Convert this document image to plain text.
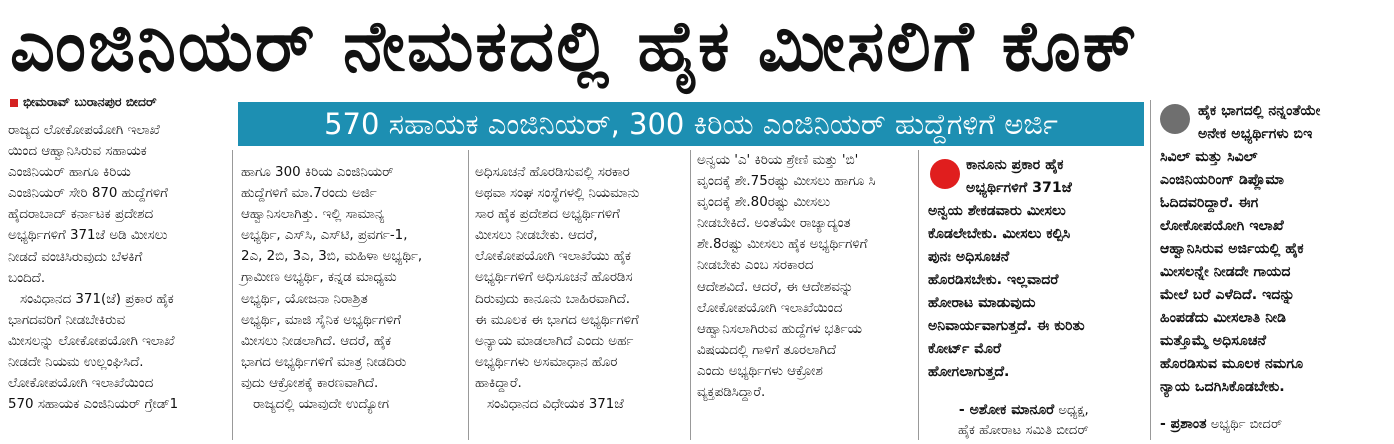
ಎಂಜಿನಿಯರ್ ನೇಮಕದಲ್ಲಿ ಹೈಕ ಮೀಸಲಿಗೆ ಕೊಕ್
ಭೀಮರಾವ್ ಬುರಾನಪುರ ಬೀದರ್
570 ಸಹಾಯಕ ಎಂಜಿನಿಯರ್, 300 ಕಿರಿಯ ಎಂಜಿನಿಯರ್ ಹುದ್ದೆಗಳಿಗೆ ಅರ್ಜಿ

ರಾಜ್ಯದ ಲೋಕೋಪಯೋಗಿ ಇಲಾಖೆ

ಯಿಂದ ಆಹ್ವಾನಿಸಿರುವ ಸಹಾಯಕ

ಎಂಜಿನಿಯರ್ ಹಾಗೂ ಕಿರಿಯ

ಎಂಜಿನಿಯರ್ ಸೇರಿ 870 ಹುದ್ದೆಗಳಿಗೆ

ಹೈದರಾಬಾದ್ ಕರ್ನಾಟಕ ಪ್ರದೇಶದ

ಅಭ್ಯರ್ಥಿಗಳಿಗೆ 371ಜೆ ಅಡಿ ಮೀಸಲು

ನೀಡದೆ ವಂಚಿಸಿರುವುದು ಬೆಳಕಿಗೆ

ಬಂದಿದೆ.

ಸಂವಿಧಾನದ 371(ಜೆ) ಪ್ರಕಾರ ಹೈಕ

ಭಾಗದವರಿಗೆ ನೀಡಬೇಕಿರುವ

ಮೀಸಲನ್ನು ಲೋಕೋಪಯೋಗಿ ಇಲಾಖೆ

ನೀಡದೇ ನಿಯಮ ಉಲ್ಲಂಘಿಸಿದೆ.

ಲೋಕೋಪಯೋಗಿ ಇಲಾಖೆಯಿಂದ

570 ಸಹಾಯಕ ಎಂಜಿನಿಯರ್ ಗ್ರೇಡ್1

ಹಾಗೂ 300 ಕಿರಿಯ ಎಂಜಿನಿಯರ್

ಹುದ್ದೆಗಳಿಗೆ ಮಾ.7ರಂದು ಅರ್ಜಿ

ಆಹ್ವಾನಿಸಲಾಗಿತ್ತು. ಇಲ್ಲಿ ಸಾಮಾನ್ಯ

ಅಭ್ಯರ್ಥಿ, ಎಸ್‌ಸಿ, ಎಸ್‌ಟಿ, ಪ್ರವರ್ಗ-1,

2ಎ, 2ಬಿ, 3ಎ, 3ಬಿ, ಮಹಿಳಾ ಅಭ್ಯರ್ಥಿ,

ಗ್ರಾಮೀಣ ಅಭ್ಯರ್ಥಿ, ಕನ್ನಡ ಮಾಧ್ಯಮ

ಅಭ್ಯರ್ಥಿ, ಯೋಜನಾ ನಿರಾಶ್ರಿತ

ಅಭ್ಯರ್ಥಿ, ಮಾಜಿ ಸೈನಿಕ ಅಭ್ಯರ್ಥಿಗಳಿಗೆ

ಮೀಸಲು ನೀಡಲಾಗಿದೆ. ಆದರೆ, ಹೈಕ

ಭಾಗದ ಅಭ್ಯರ್ಥಿಗಳಿಗೆ ಮಾತ್ರ ನೀಡದಿರು

ವುದು ಆಕ್ರೋಶಕ್ಕೆ ಕಾರಣವಾಗಿದೆ.

ರಾಜ್ಯದಲ್ಲಿ ಯಾವುದೇ ಉದ್ಯೋಗ

ಅಧಿಸೂಚನೆ ಹೊರಡಿಸುವಲ್ಲಿ ಸರಕಾರ

ಅಥವಾ ಸಂಘ ಸಂಸ್ಥೆಗಳಲ್ಲಿ ನಿಯಮಾನು

ಸಾರ ಹೈಕ ಪ್ರದೇಶದ ಅಭ್ಯರ್ಥಿಗಳಿಗೆ

ಮೀಸಲು ನೀಡಬೇಕು. ಆದರೆ,

ಲೋಕೋಪಯೋಗಿ ಇಲಾಖೆಯು ಹೈಕ

ಅಭ್ಯರ್ಥಿಗಳಿಗೆ ಅಧಿಸೂಚನೆ ಹೊರಡಿಸ

ದಿರುವುದು ಕಾನೂನು ಬಾಹಿರವಾಗಿದೆ.

ಈ ಮೂಲಕ ಈ ಭಾಗದ ಅಭ್ಯರ್ಥಿಗಳಿಗೆ

ಅನ್ಯಾಯ ಮಾಡಲಾಗಿದೆ ಎಂದು ಅರ್ಹ

ಅಭ್ಯರ್ಥಿಗಳು ಅಸಮಾಧಾನ ಹೊರ

ಹಾಕಿದ್ದಾರೆ.

ಸಂವಿಧಾನದ ವಿಧೇಯಕ 371ಜೆ

ಅನ್ವಯ 'ಎ' ಕಿರಿಯ ಶ್ರೇಣಿ ಮತ್ತು 'ಬಿ'

ವೃಂದಕ್ಕೆ ಶೇ.75ರಷ್ಟು ಮೀಸಲು ಹಾಗೂ ಸಿ

ವೃಂದಕ್ಕೆ ಶೇ.80ರಷ್ಟು ಮೀಸಲು

ನೀಡಬೇಕಿದೆ. ಅಂತೆಯೇ ರಾಜ್ಯಾದ್ಯಂತ

ಶೇ.8ರಷ್ಟು ಮೀಸಲು ಹೈಕ ಅಭ್ಯರ್ಥಿಗಳಿಗೆ

ನೀಡಬೇಕು ಎಂಬ ಸರಕಾರದ

ಆದೇಶವಿದೆ. ಆದರೆ, ಈ ಆದೇಶವನ್ನು

ಲೋಕೋಪಯೋಗಿ ಇಲಾಖೆಯಿಂದ

ಆಹ್ವಾನಿಸಲಾಗಿರುವ ಹುದ್ದೆಗಳ ಭರ್ತಿಯ

ವಿಷಯದಲ್ಲಿ ಗಾಳಿಗೆ ತೂರಲಾಗಿದೆ

ಎಂದು ಅಭ್ಯರ್ಥಿಗಳು ಆಕ್ರೋಶ

ವ್ಯಕ್ತಪಡಿಸಿದ್ದಾರೆ.

ಕಾನೂನು ಪ್ರಕಾರ ಹೈಕ
ಅಭ್ಯರ್ಥಿಗಳಿಗೆ 371ಜೆ
ಅನ್ವಯ ಶೇಕಡವಾರು ಮೀಸಲು
ಕೊಡಲೇಬೇಕು. ಮೀಸಲು ಕಲ್ಪಿಸಿ
ಪುನಃ ಅಧಿಸೂಚನೆ
ಹೊರಡಿಸಬೇಕು. ಇಲ್ಲವಾದರೆ
ಹೋರಾಟ ಮಾಡುವುದು
ಅನಿವಾರ್ಯವಾಗುತ್ತದೆ. ಈ ಕುರಿತು
ಕೋರ್ಟ್ ಮೊರೆ
ಹೋಗಲಾಗುತ್ತದೆ.
- ಅಶೋಕ ಮಾನೂರೆ ಅಧ್ಯಕ್ಷ,
ಹೈಕ ಹೋರಾಟ ಸಮಿತಿ ಬೀದರ್
ಹೈಕ ಭಾಗದಲ್ಲಿ ನನ್ನಂತೆಯೇ
ಅನೇಕ ಅಭ್ಯರ್ಥಿಗಳು ಬಿಇ
ಸಿವಿಲ್ ಮತ್ತು ಸಿವಿಲ್
ಎಂಜಿನಿಯರಿಂಗ್ ಡಿಪ್ಲೊಮಾ
ಓದಿದವರಿದ್ದಾರೆ. ಈಗ
ಲೋಕೋಪಯೋಗಿ ಇಲಾಖೆ
ಆಹ್ವಾನಿಸಿರುವ ಅರ್ಜಿಯಲ್ಲಿ ಹೈಕ
ಮೀಸಲನ್ನೇ ನೀಡದೇ ಗಾಯದ
ಮೇಲೆ ಬರೆ ಎಳೆದಿದೆ. ಇದನ್ನು
ಹಿಂಪಡೆದು ಮೀಸಲಾತಿ ನೀಡಿ
ಮತ್ತೊಮ್ಮೆ ಅಧಿಸೂಚನೆ
ಹೊರಡಿಸುವ ಮೂಲಕ ನಮಗೂ
ನ್ಯಾಯ ಒದಗಿಸಿಕೊಡಬೇಕು.
- ಪ್ರಶಾಂತ ಅಭ್ಯರ್ಥಿ ಬೀದರ್
